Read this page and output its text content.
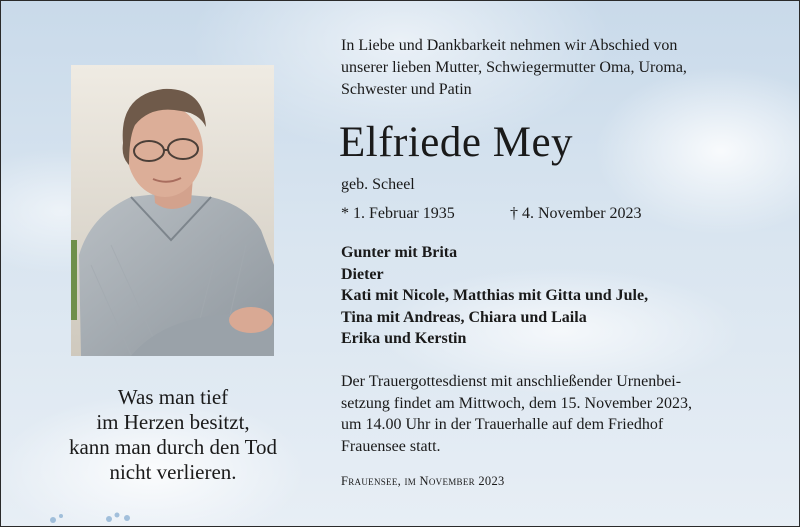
Was man tief
im Herzen besitzt,
kann man durch den Tod
nicht verlieren.
In Liebe und Dankbarkeit nehmen wir Abschied von
unserer lieben Mutter, Schwiegermutter Oma, Uroma,
Schwester und Patin
Elfriede Mey
geb. Scheel
* 1. Februar 1935	† 4. November 2023
Gunter mit Brita
Dieter
Kati mit Nicole, Matthias mit Gitta und Jule,
Tina mit Andreas, Chiara und Laila
Erika und Kerstin
Der Trauergottesdienst mit anschließender Urnenbei-
setzung findet am Mittwoch, dem 15. November 2023,
um 14.00 Uhr in der Trauerhalle auf dem Friedhof
Frauensee statt.
Frauensee, im November 2023
